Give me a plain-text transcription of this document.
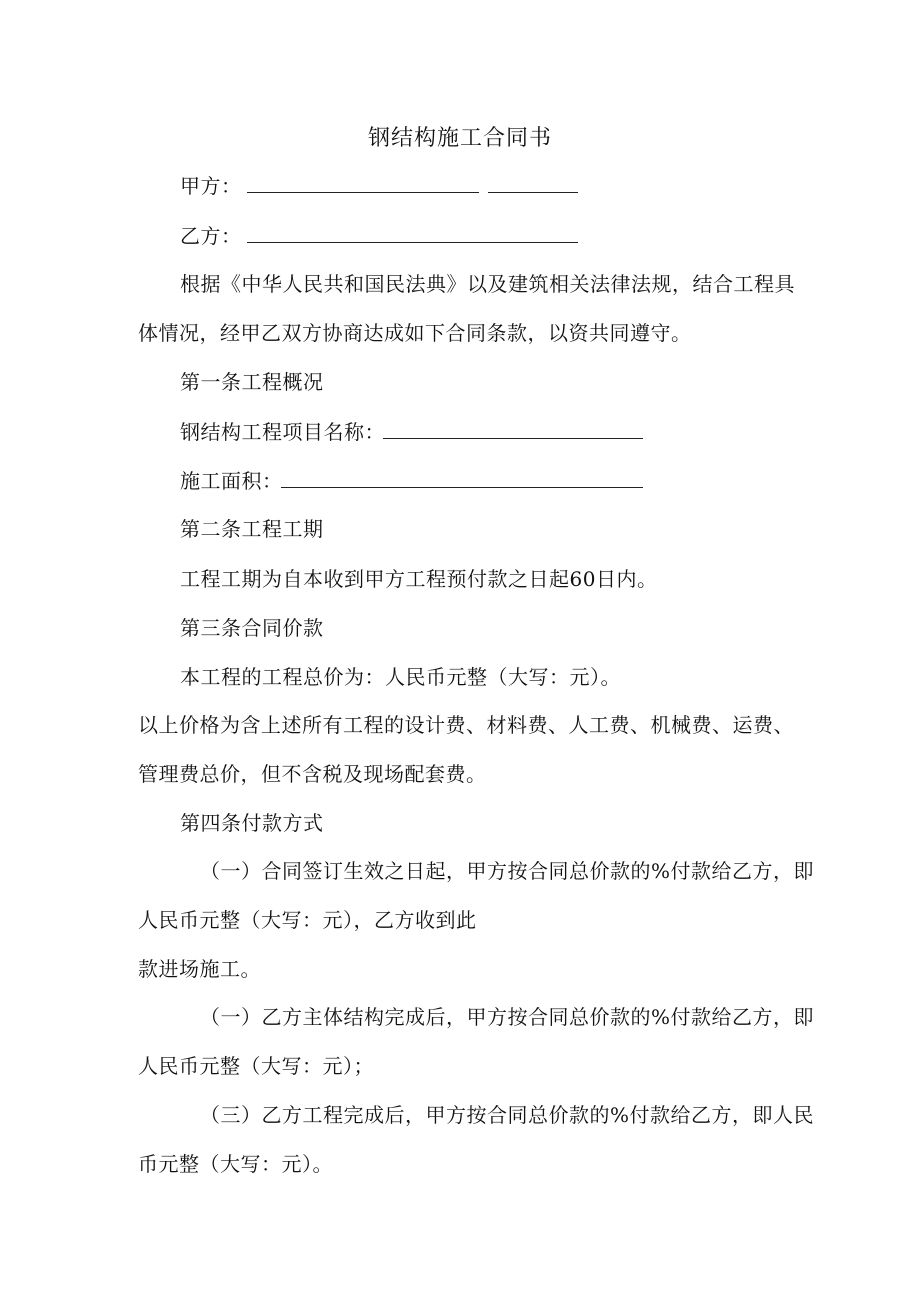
钢结构施工合同书
甲方：
乙方：
根据《中华人民共和国民法典》以及建筑相关法律法规，结合工程具
体情况，经甲乙双方协商达成如下合同条款，以资共同遵守。
第一条工程概况
钢结构工程项目名称：
施工面积：
第二条工程工期
工程工期为自本收到甲方工程预付款之日起60日内。
第三条合同价款
本工程的工程总价为：人民币元整（大写：元）。
以上价格为含上述所有工程的设计费、材料费、人工费、机械费、运费、
管理费总价，但不含税及现场配套费。
第四条付款方式
（一）合同签订生效之日起，甲方按合同总价款的%付款给乙方，即
人民币元整（大写：元），乙方收到此
款进场施工。
（一）乙方主体结构完成后，甲方按合同总价款的%付款给乙方，即
人民币元整（大写：元）；
（三）乙方工程完成后，甲方按合同总价款的%付款给乙方，即人民
币元整（大写：元）。
